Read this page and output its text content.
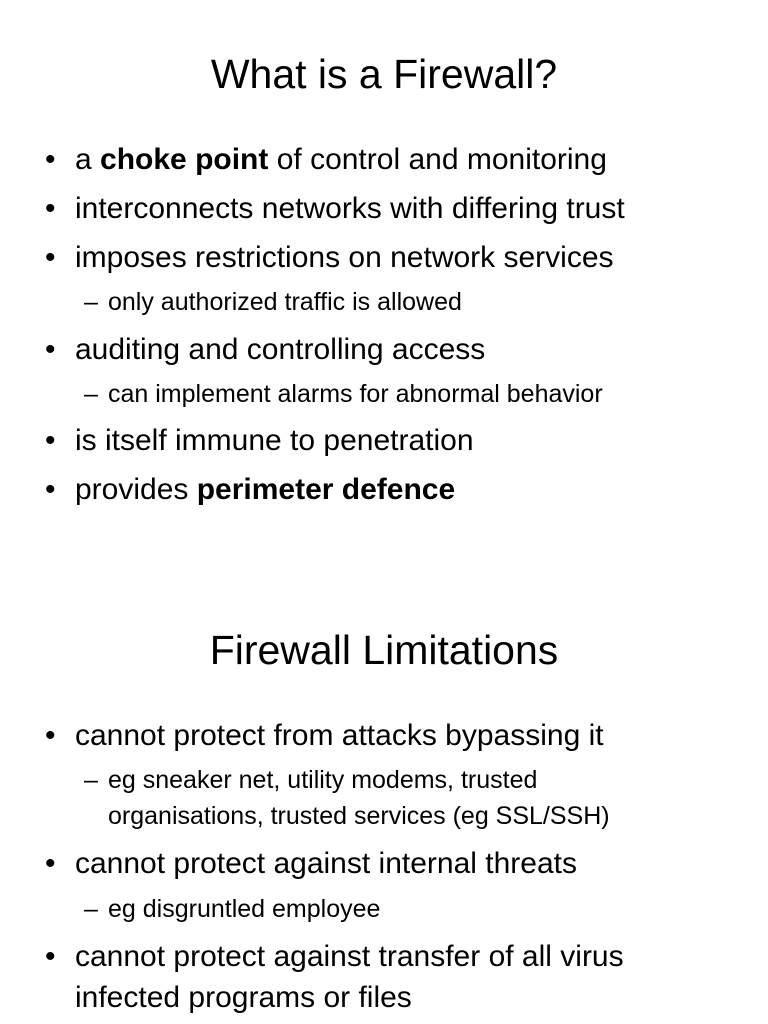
What is a Firewall?
• a choke point of control and monitoring
• interconnects networks with differing trust
• imposes restrictions on network services
– only authorized traffic is allowed
• auditing and controlling access
– can implement alarms for abnormal behavior
• is itself immune to penetration
• provides perimeter defence
Firewall Limitations
• cannot protect from attacks bypassing it
– eg sneaker net, utility modems, trusted
organisations, trusted services (eg SSL/SSH)
• cannot protect against internal threats
– eg disgruntled employee
• cannot protect against transfer of all virus
infected programs or files
